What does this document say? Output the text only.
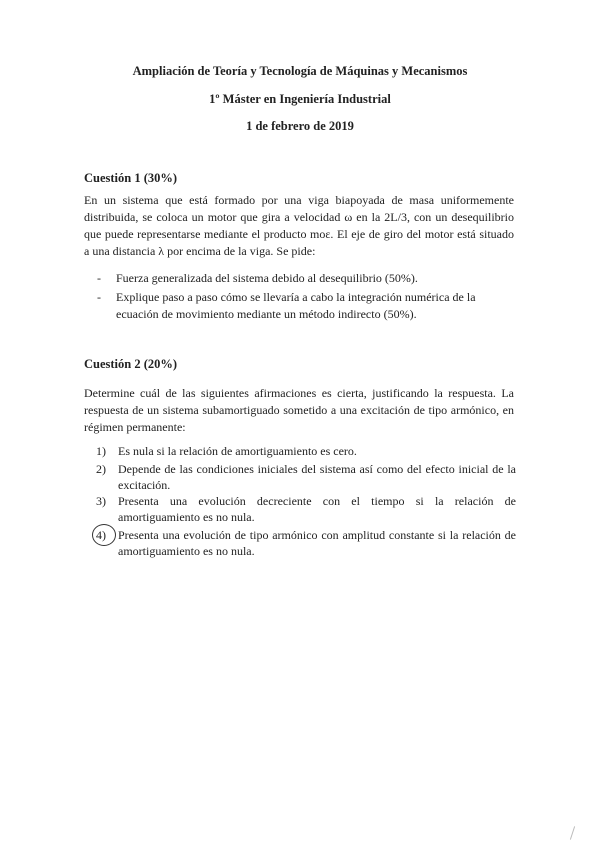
Ampliación de Teoría y Tecnología de Máquinas y Mecanismos
1º Máster en Ingeniería Industrial
1 de febrero de 2019
Cuestión 1 (30%)
En un sistema que está formado por una viga biapoyada de masa uniformemente distribuida, se coloca un motor que gira a velocidad ω en la 2L/3, con un desequilibrio que puede representarse mediante el producto moε. El eje de giro del motor está situado a una distancia λ por encima de la viga. Se pide:
- Fuerza generalizada del sistema debido al desequilibrio (50%).
- Explique paso a paso cómo se llevaría a cabo la integración numérica de la ecuación de movimiento mediante un método indirecto (50%).
Cuestión 2 (20%)
Determine cuál de las siguientes afirmaciones es cierta, justificando la respuesta. La respuesta de un sistema subamortiguado sometido a una excitación de tipo armónico, en régimen permanente:
1) Es nula si la relación de amortiguamiento es cero.
2) Depende de las condiciones iniciales del sistema así como del efecto inicial de la excitación.
3) Presenta una evolución decreciente con el tiempo si la relación de amortiguamiento es no nula.
4) Presenta una evolución de tipo armónico con amplitud constante si la relación de amortiguamiento es no nula.
